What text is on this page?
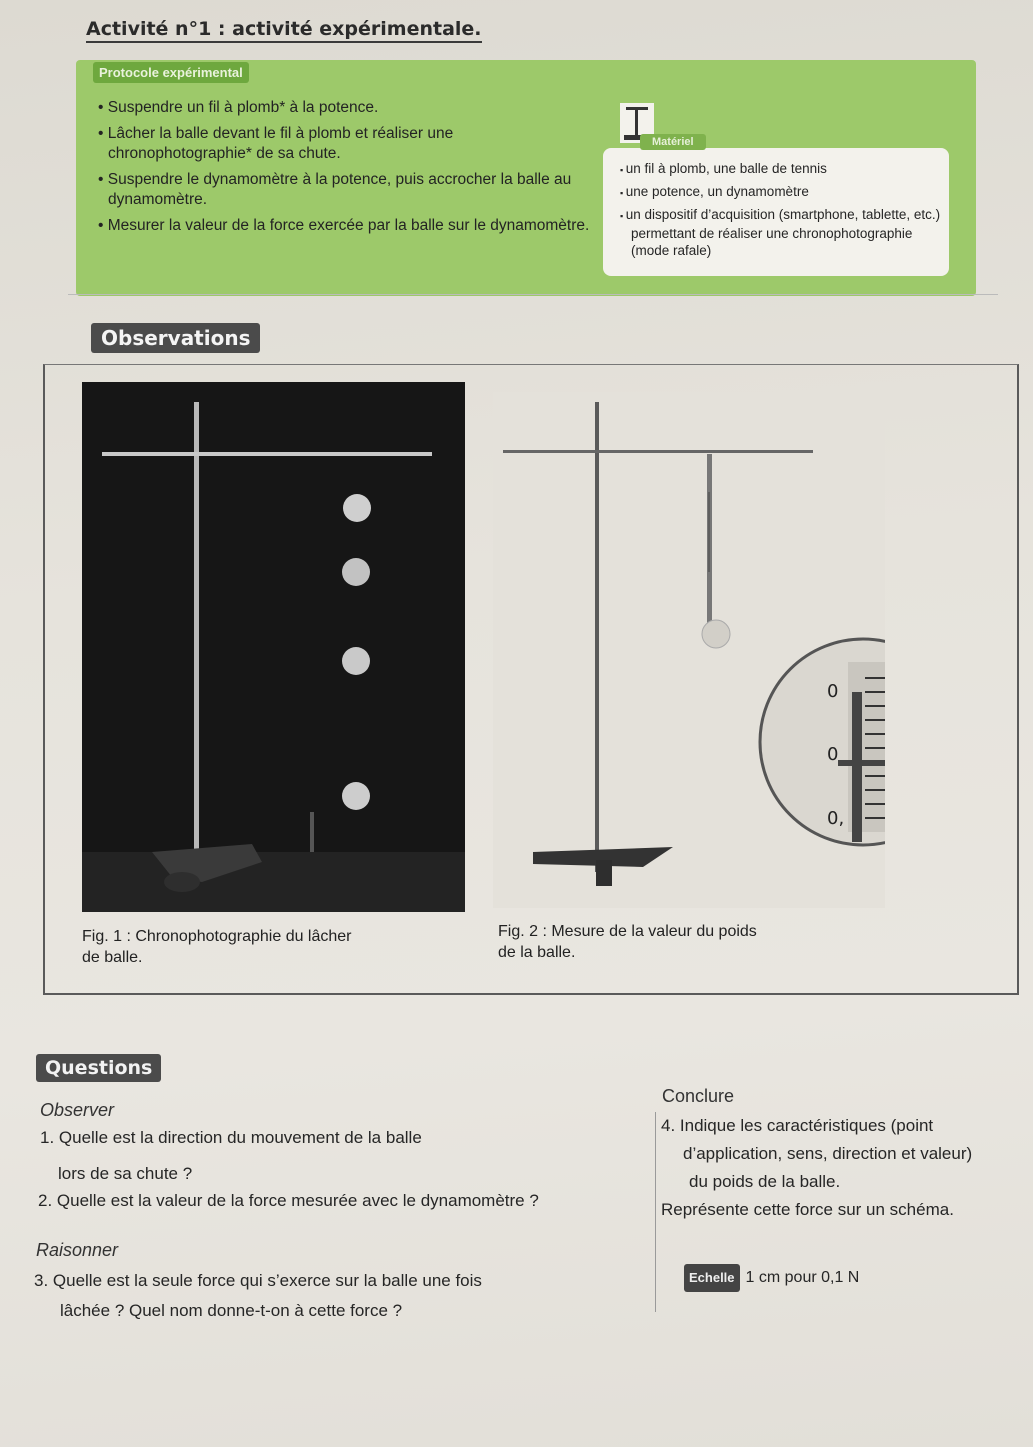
Activité n°1 : activité expérimentale.
Protocole expérimental
• Suspendre un fil à plomb* à la potence.
• Lâcher la balle devant le fil à plomb et réaliser une chronophotographie* de sa chute.
• Suspendre le dynamomètre à la potence, puis accrocher la balle au dynamomètre.
• Mesurer la valeur de la force exercée par la balle sur le dynamomètre.
Matériel
▪ un fil à plomb, une balle de tennis
▪ une potence, un dynamomètre
▪ un dispositif d’acquisition (smartphone, tablette, etc.) permettant de réaliser une chronophotographie (mode rafale)
Observations
0
0
0,
Fig. 1 : Chronophotographie du lâcher
de balle.
Fig. 2 : Mesure de la valeur du poids
de la balle.
Questions
Observer
1. Quelle est la direction du mouvement de la balle
lors de sa chute ?
2. Quelle est la valeur de la force mesurée avec le dynamomètre ?
Raisonner
3. Quelle est la seule force qui s’exerce sur la balle une fois
lâchée ? Quel nom donne-t-on à cette force ?
Conclure
4. Indique les caractéristiques (point
d’application, sens, direction et valeur)
du poids de la balle.
Représente cette force sur un schéma.
Echelle 1 cm pour 0,1 N
